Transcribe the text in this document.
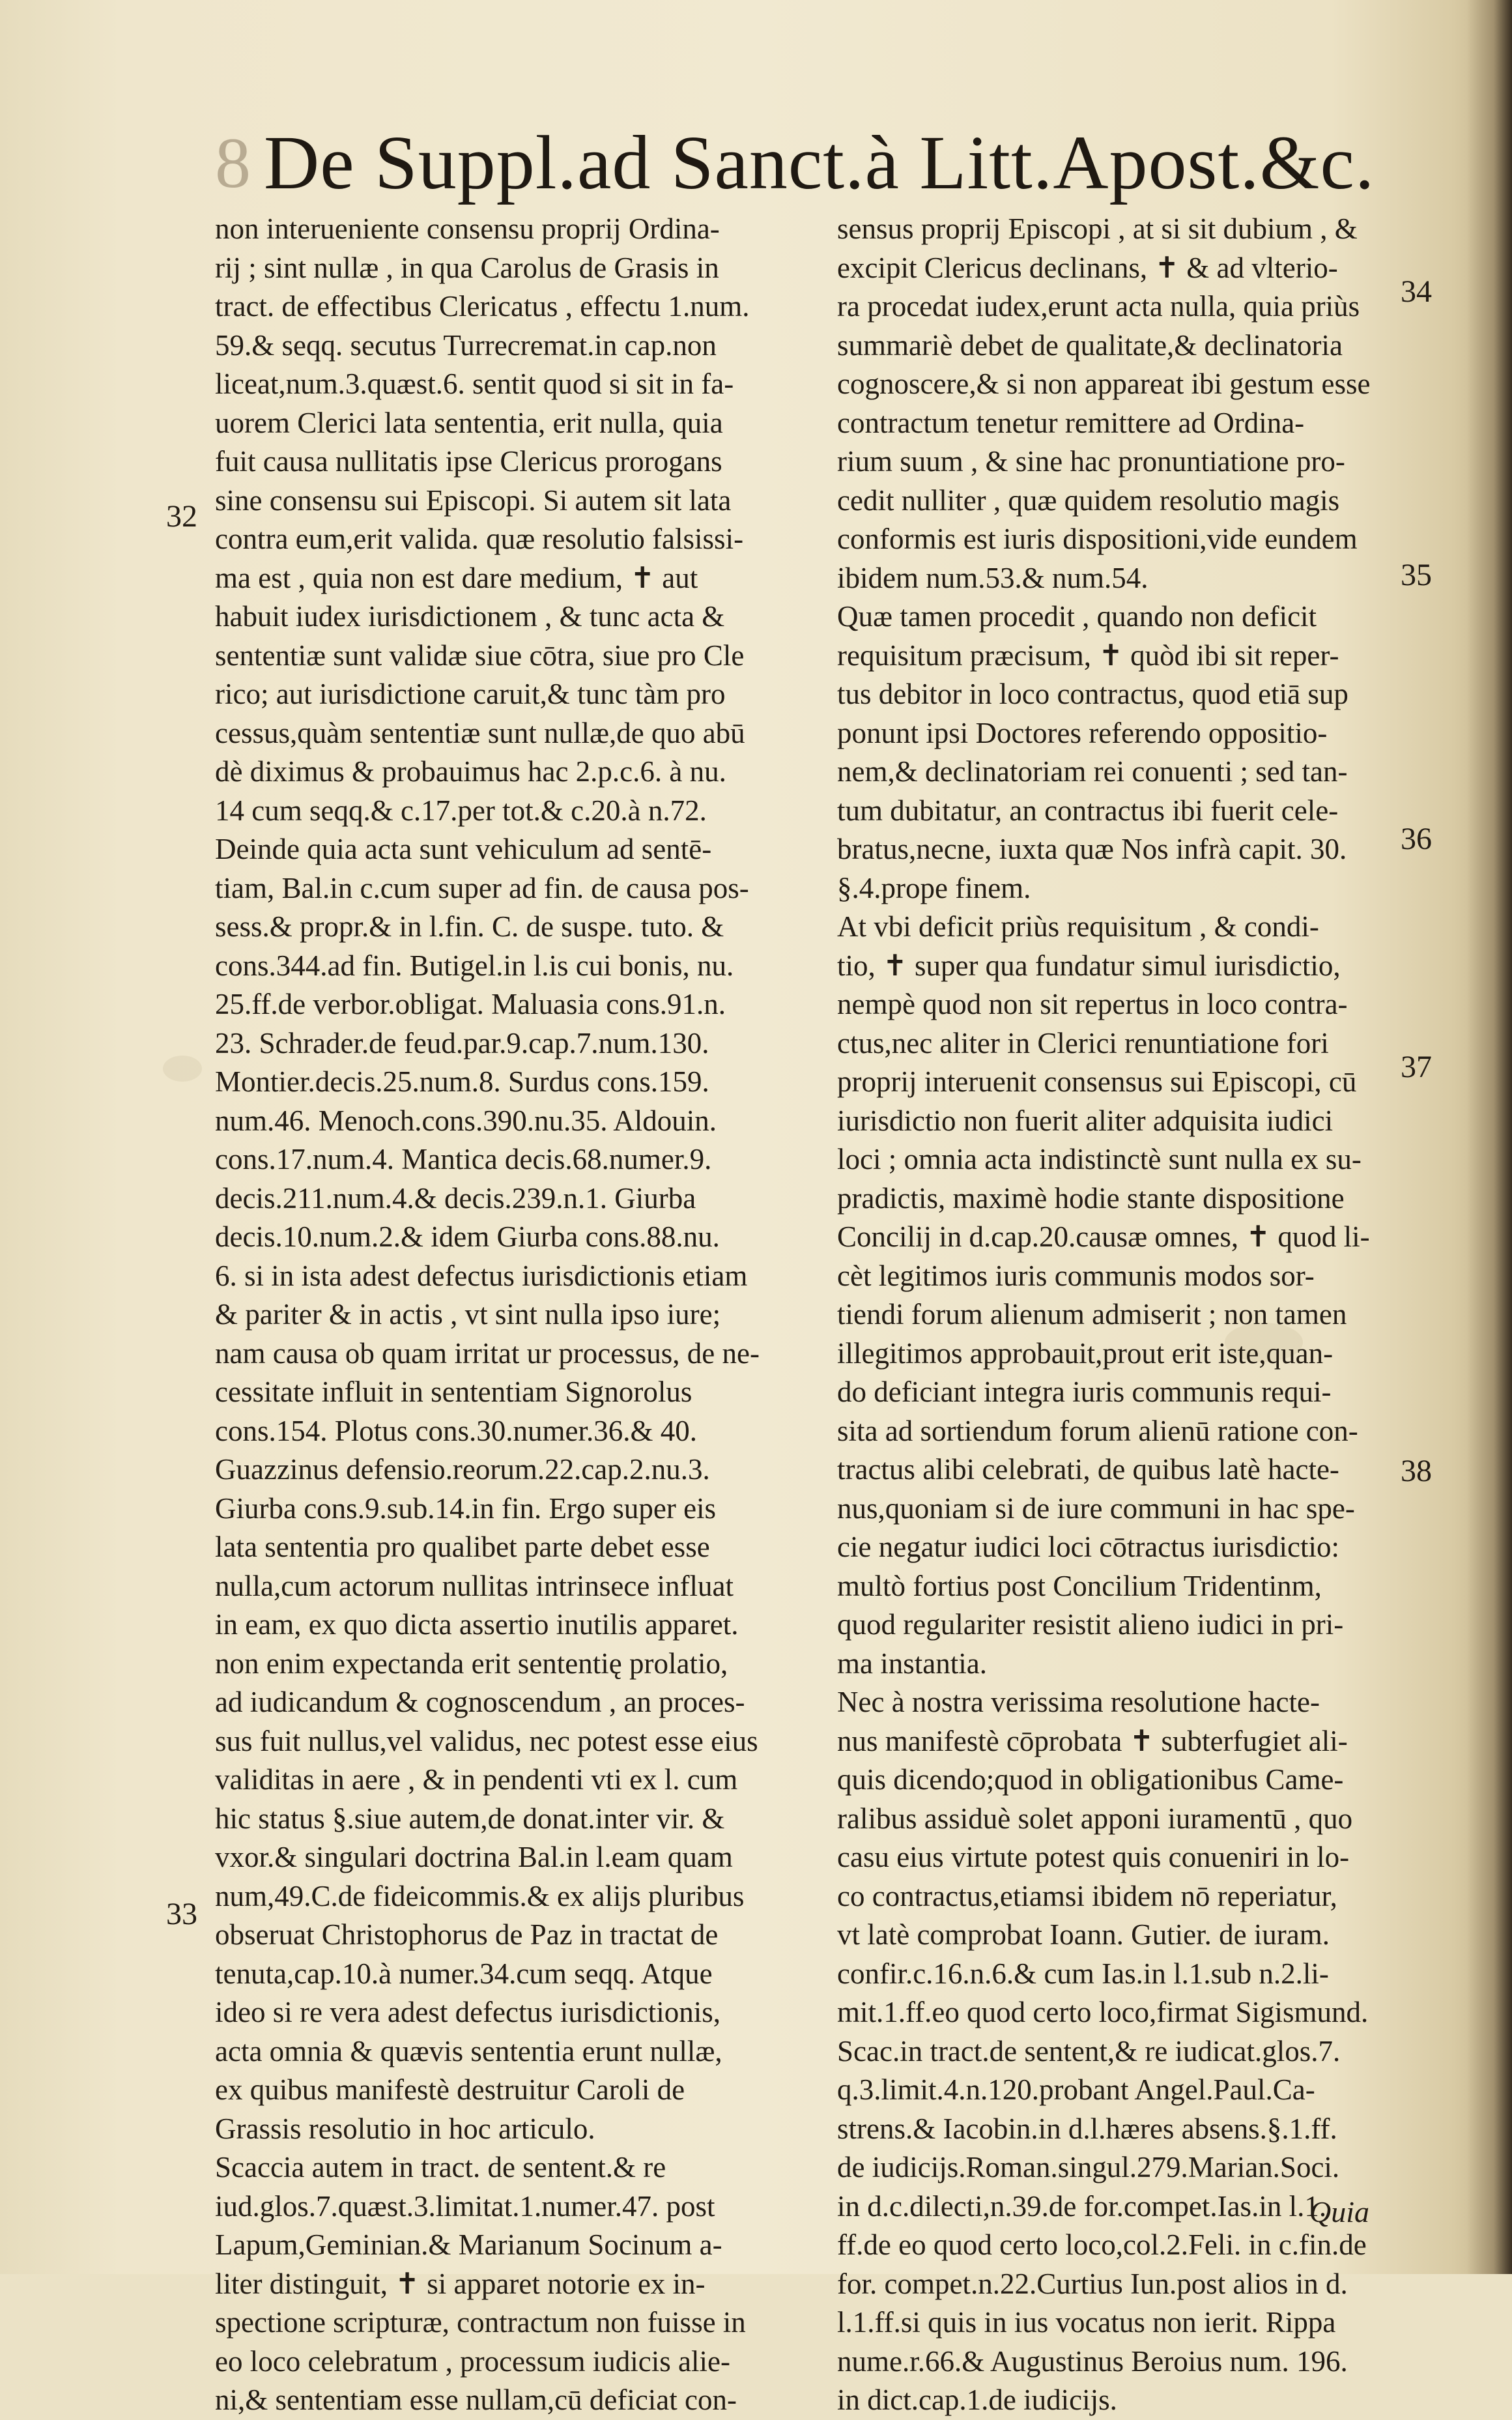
8 De Suppl.ad Sanct.à Litt.Apost.&c.
non interueniente consensu proprij Ordina-
rij ; sint nullæ , in qua Carolus de Grasis in
tract. de effectibus Clericatus , effectu 1.num.
59.& seqq. secutus Turrecremat.in cap.non
liceat,num.3.quæst.6. sentit quod si sit in fa-
uorem Clerici lata sententia, erit nulla, quia
fuit causa nullitatis ipse Clericus prorogans
sine consensu sui Episcopi. Si autem sit lata
contra eum,erit valida. quæ resolutio falsissi-
ma est , quia non est dare medium, ✝ aut
habuit iudex iurisdictionem , & tunc acta &
sententiæ sunt validæ siue cōtra, siue pro Cle
rico; aut iurisdictione caruit,& tunc tàm pro
cessus,quàm sententiæ sunt nullæ,de quo abū
dè diximus & probauimus hac 2.p.c.6. à nu.
14 cum seqq.& c.17.per tot.& c.20.à n.72.
Deinde quia acta sunt vehiculum ad sentē-
tiam, Bal.in c.cum super ad fin. de causa pos-
sess.& propr.& in l.fin. C. de suspe. tuto. &
cons.344.ad fin. Butigel.in l.is cui bonis, nu.
25.ff.de verbor.obligat. Maluasia cons.91.n.
23. Schrader.de feud.par.9.cap.7.num.130.
Montier.decis.25.num.8. Surdus cons.159.
num.46. Menoch.cons.390.nu.35. Aldouin.
cons.17.num.4. Mantica decis.68.numer.9.
decis.211.num.4.& decis.239.n.1. Giurba
decis.10.num.2.& idem Giurba cons.88.nu.
6. si in ista adest defectus iurisdictionis etiam
& pariter & in actis , vt sint nulla ipso iure;
nam causa ob quam irritat ur processus, de ne-
cessitate influit in sententiam Signorolus
cons.154. Plotus cons.30.numer.36.& 40.
Guazzinus defensio.reorum.22.cap.2.nu.3.
Giurba cons.9.sub.14.in fin. Ergo super eis
lata sententia pro qualibet parte debet esse
nulla,cum actorum nullitas intrinsece influat
in eam, ex quo dicta assertio inutilis apparet.
non enim expectanda erit sententię prolatio,
ad iudicandum & cognoscendum , an proces-
sus fuit nullus,vel validus, nec potest esse eius
validitas in aere , & in pendenti vti ex l. cum
hic status §.siue autem,de donat.inter vir. &
vxor.& singulari doctrina Bal.in l.eam quam
num,49.C.de fideicommis.& ex alijs pluribus
obseruat Christophorus de Paz in tractat de
tenuta,cap.10.à numer.34.cum seqq. Atque
ideo si re vera adest defectus iurisdictionis,
acta omnia & quævis sententia erunt nullæ,
ex quibus manifestè destruitur Caroli de
Grassis resolutio in hoc articulo.
Scaccia autem in tract. de sentent.& re
iud.glos.7.quæst.3.limitat.1.numer.47. post
Lapum,Geminian.& Marianum Socinum a-
liter distinguit, ✝ si apparet notorie ex in-
spectione scripturæ, contractum non fuisse in
eo loco celebratum , processum iudicis alie-
ni,& sententiam esse nullam,cū deficiat con-
sensus proprij Episcopi , at si sit dubium , &
excipit Clericus declinans, ✝ & ad vlterio-
ra procedat iudex,erunt acta nulla, quia priùs
summariè debet de qualitate,& declinatoria
cognoscere,& si non appareat ibi gestum esse
contractum tenetur remittere ad Ordina-
rium suum , & sine hac pronuntiatione pro-
cedit nulliter , quæ quidem resolutio magis
conformis est iuris dispositioni,vide eundem
ibidem num.53.& num.54.
Quæ tamen procedit , quando non deficit
requisitum præcisum, ✝ quòd ibi sit reper-
tus debitor in loco contractus, quod etiā sup
ponunt ipsi Doctores referendo oppositio-
nem,& declinatoriam rei conuenti ; sed tan-
tum dubitatur, an contractus ibi fuerit cele-
bratus,necne, iuxta quæ Nos infrà capit. 30.
§.4.prope finem.
At vbi deficit priùs requisitum , & condi-
tio, ✝ super qua fundatur simul iurisdictio,
nempè quod non sit repertus in loco contra-
ctus,nec aliter in Clerici renuntiatione fori
proprij interuenit consensus sui Episcopi, cū
iurisdictio non fuerit aliter adquisita iudici
loci ; omnia acta indistinctè sunt nulla ex su-
pradictis, maximè hodie stante dispositione
Concilij in d.cap.20.causæ omnes, ✝ quod li-
cèt legitimos iuris communis modos sor-
tiendi forum alienum admiserit ; non tamen
illegitimos approbauit,prout erit iste,quan-
do deficiant integra iuris communis requi-
sita ad sortiendum forum alienū ratione con-
tractus alibi celebrati, de quibus latè hacte-
nus,quoniam si de iure communi in hac spe-
cie negatur iudici loci cōtractus iurisdictio:
multò fortius post Concilium Tridentinm,
quod regulariter resistit alieno iudici in pri-
ma instantia.
Nec à nostra verissima resolutione hacte-
nus manifestè cōprobata ✝ subterfugiet ali-
quis dicendo;quod in obligationibus Came-
ralibus assiduè solet apponi iuramentū , quo
casu eius virtute potest quis conueniri in lo-
co contractus,etiamsi ibidem nō reperiatur,
vt latè comprobat Ioann. Gutier. de iuram.
confir.c.16.n.6.& cum Ias.in l.1.sub n.2.li-
mit.1.ff.eo quod certo loco,firmat Sigismund.
Scac.in tract.de sentent,& re iudicat.glos.7.
q.3.limit.4.n.120.probant Angel.Paul.Ca-
strens.& Iacobin.in d.l.hæres absens.§.1.ff.
de iudicijs.Roman.singul.279.Marian.Soci.
in d.c.dilecti,n.39.de for.compet.Ias.in l.1.
ff.de eo quod certo loco,col.2.Feli. in c.fin.de
for. compet.n.22.Curtius Iun.post alios in d.
l.1.ff.si quis in ius vocatus non ierit. Rippa
nume.r.66.& Augustinus Beroius num. 196.
in dict.cap.1.de iudicijs.
32
33
34
35
36
37
38
Quia
